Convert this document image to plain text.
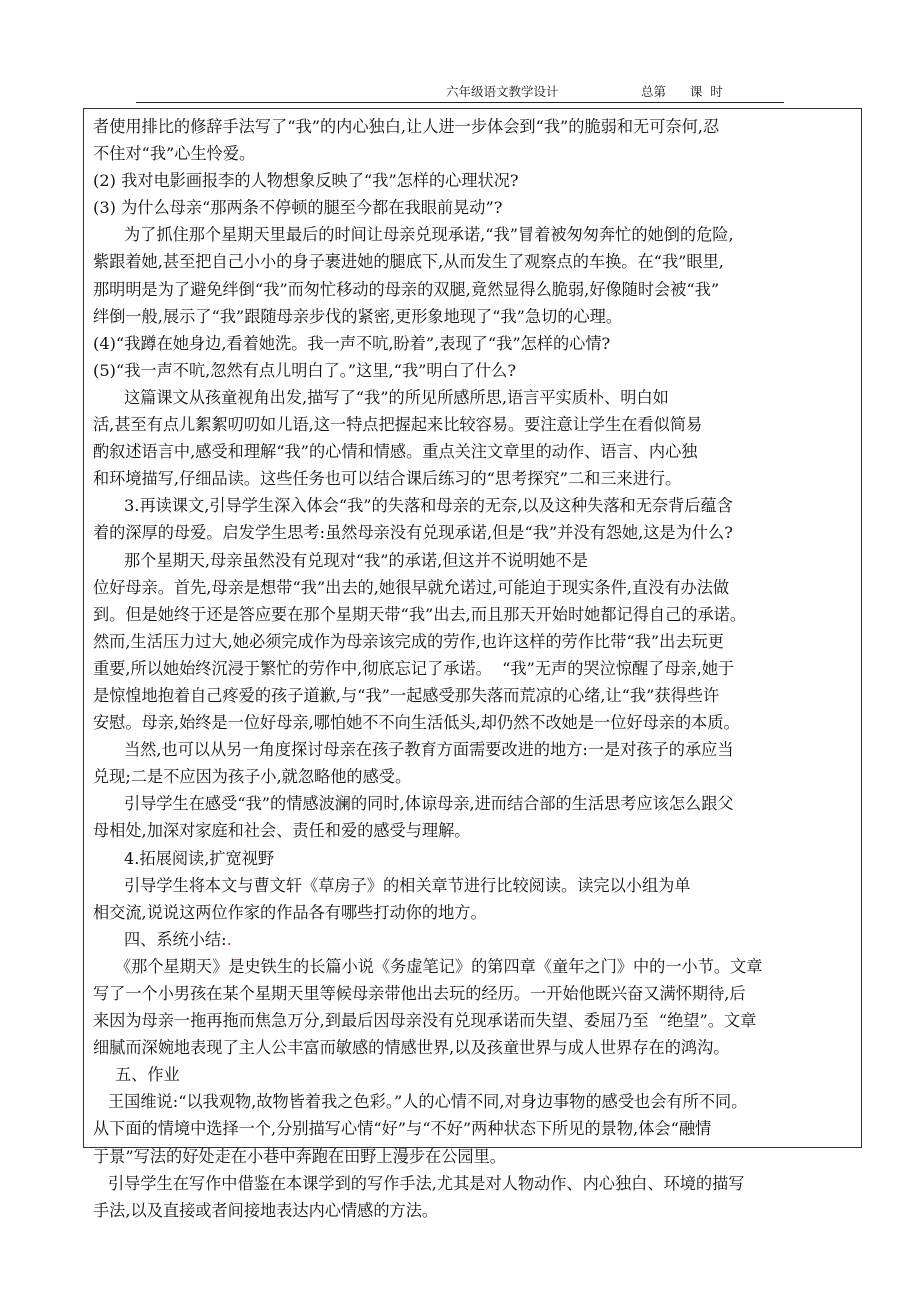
六年级语文教学设计	总第      课  时
者使用排比的修辞手法写了“我”的内心独白,让人进一步体会到“我”的脆弱和无可奈何,忍
不住对“我”心生怜爱。
(2) 我对电影画报李的人物想象反映了“我”怎样的心理状况?
(3) 为什么母亲“那两条不停顿的腿至今都在我眼前晃动”?
为了抓住那个星期天里最后的时间让母亲兑现承诺,“我”冒着被匆匆奔忙的她倒的危险,
紫跟着她,甚至把自己小小的身子裹进她的腿底下,从而发生了观察点的车换。在“我”眼里,
那明明是为了避免绊倒“我”而匆忙移动的母亲的双腿,竟然显得么脆弱,好像随时会被“我”
绊倒一般,展示了“我”跟随母亲步伐的紧密,更形象地现了“我”急切的心理。
(4)“我蹲在她身边,看着她洗。我一声不吭,盼着”,表现了“我”怎样的心情?
(5)“我一声不吭,忽然有点儿明白了。”这里,“我”明白了什么?
这篇课文从孩童视角出发,描写了“我”的所见所感所思,语言平实质朴、明白如
活,甚至有点儿絮絮叨叨如儿语,这一特点把握起来比较容易。要注意让学生在看似简易
酌叙述语言中,感受和理解“我”的心情和情感。重点关注文章里的动作、语言、内心独
和环境描写,仔细品读。这些任务也可以结合课后练习的“思考探究”二和三来进行。
3.再读课文,引导学生深入体会“我”的失落和母亲的无奈,以及这种失落和无奈背后蕴含
着的深厚的母爱。启发学生思考:虽然母亲没有兑现承诺,但是“我”并没有怨她,这是为什么?
那个星期天,母亲虽然没有兑现对“我”的承诺,但这并不说明她不是
位好母亲。首先,母亲是想带“我”出去的,她很早就允诺过,可能迫于现实条件,直没有办法做
到。但是她终于还是答应要在那个星期天带“我”出去,而且那天开始时她都记得自己的承诺。
然而,生活压力过大,她必须完成作为母亲该完成的劳作,也许这样的劳作比带“我”出去玩更
重要,所以她始终沉浸于繁忙的劳作中,彻底忘记了承诺。  “我”无声的哭泣惊醒了母亲,她于
是惊惶地抱着自己疼爱的孩子道歉,与“我”一起感受那失落而荒凉的心绪,让“我”获得些许
安慰。母亲,始终是一位好母亲,哪怕她不不向生活低头,却仍然不改她是一位好母亲的本质。
当然,也可以从另一角度探讨母亲在孩子教育方面需要改进的地方:一是对孩子的承应当
兑现;二是不应因为孩子小,就忽略他的感受。
引导学生在感受“我”的情感波澜的同时,体谅母亲,进而结合部的生活思考应该怎么跟父
母相处,加深对家庭和社会、责任和爱的感受与理解。
4.拓展阅读,扩宽视野
引导学生将本文与曹文轩《草房子》的相关章节进行比较阅读。读完以小组为单
相交流,说说这两位作家的作品各有哪些打动你的地方。
四、系统小结:.
《那个星期天》是史铁生的长篇小说《务虚笔记》的第四章《童年之门》中的一小节。文章
写了一个小男孩在某个星期天里等候母亲带他出去玩的经历。一开始他既兴奋又满怀期待,后
来因为母亲一拖再拖而焦急万分,到最后因母亲没有兑现承诺而失望、委屈乃至  “绝望”。文章
细腻而深婉地表现了主人公丰富而敏感的情感世界,以及孩童世界与成人世界存在的鸿沟。
五、作业
王国维说:“以我观物,故物皆着我之色彩。”人的心情不同,对身边事物的感受也会有所不同。
从下面的情境中选择一个,分别描写心情“好”与“不好”两种状态下所见的景物,体会“融情
于景”写法的好处走在小巷中奔跑在田野上漫步在公园里。
引导学生在写作中借鉴在本课学到的写作手法,尤其是对人物动作、内心独白、环境的描写
手法,以及直接或者间接地表达内心情感的方法。
